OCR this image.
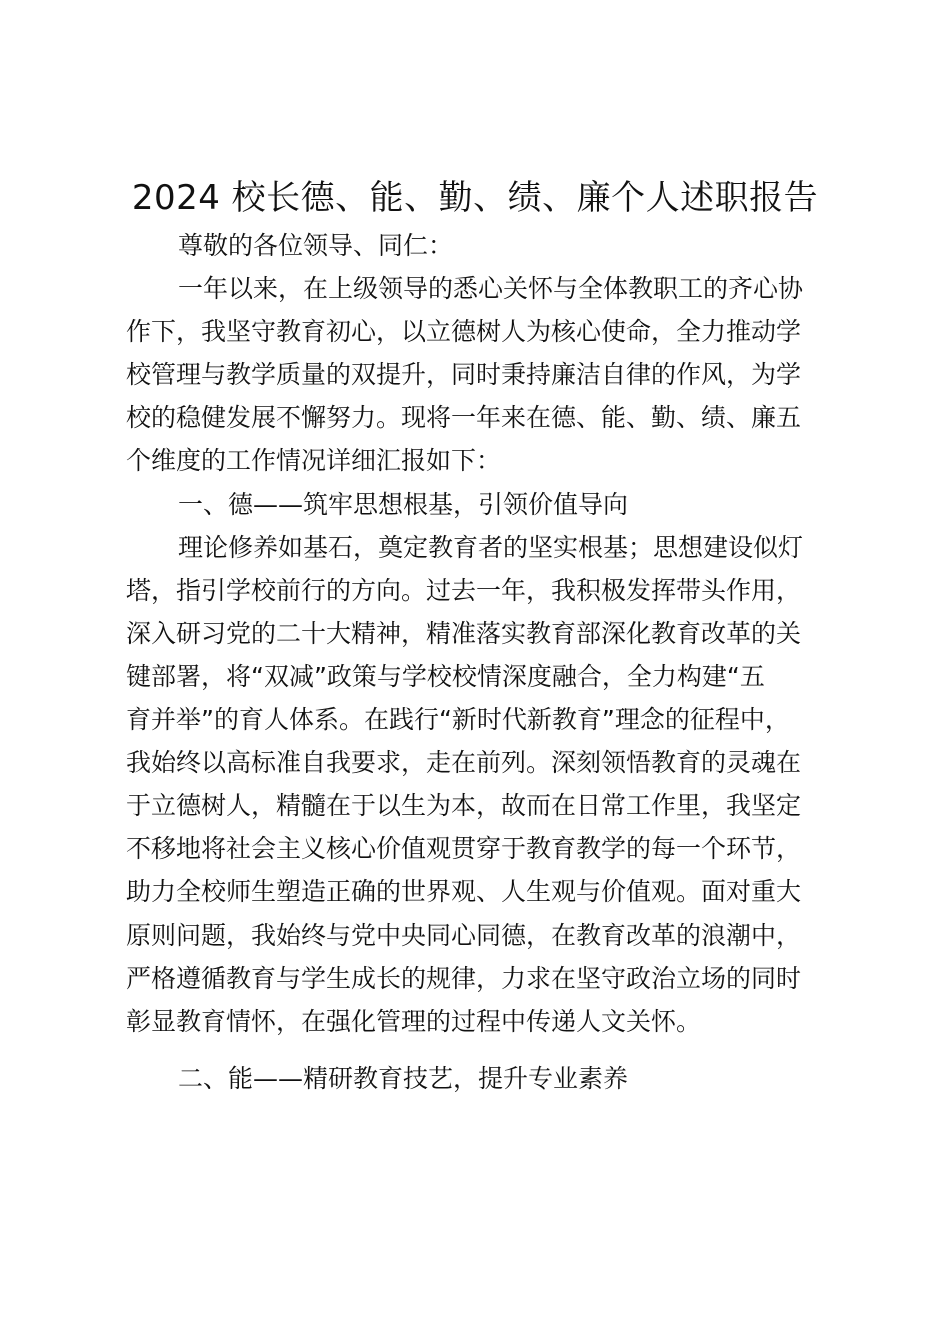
2024 校长德、能、勤、绩、廉个人述职报告
尊敬的各位领导、同仁：
一年以来，在上级领导的悉心关怀与全体教职工的齐心协
作下，我坚守教育初心，以立德树人为核心使命，全力推动学
校管理与教学质量的双提升，同时秉持廉洁自律的作风，为学
校的稳健发展不懈努力。现将一年来在德、能、勤、绩、廉五
个维度的工作情况详细汇报如下：
一、德——筑牢思想根基，引领价值导向
理论修养如基石，奠定教育者的坚实根基；思想建设似灯
塔，指引学校前行的方向。过去一年，我积极发挥带头作用，
深入研习党的二十大精神，精准落实教育部深化教育改革的关
键部署，将“双减”政策与学校校情深度融合，全力构建“五
育并举”的育人体系。在践行“新时代新教育”理念的征程中，
我始终以高标准自我要求，走在前列。深刻领悟教育的灵魂在
于立德树人，精髓在于以生为本，故而在日常工作里，我坚定
不移地将社会主义核心价值观贯穿于教育教学的每一个环节，
助力全校师生塑造正确的世界观、人生观与价值观。面对重大
原则问题，我始终与党中央同心同德，在教育改革的浪潮中，
严格遵循教育与学生成长的规律，力求在坚守政治立场的同时
彰显教育情怀，在强化管理的过程中传递人文关怀。
二、能——精研教育技艺，提升专业素养
